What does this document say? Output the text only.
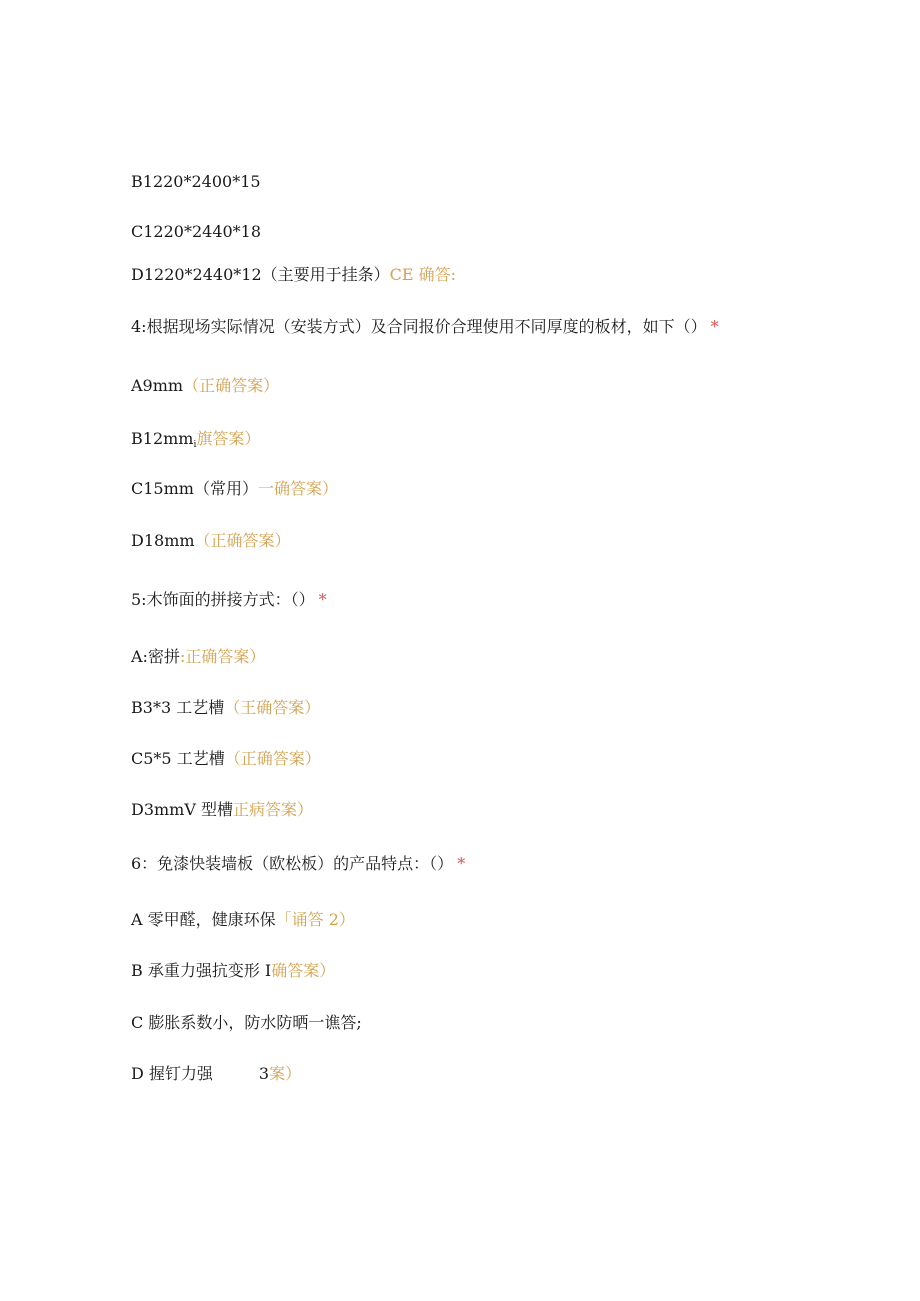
B1220*2400*15
C1220*2440*18
D1220*2440*12（主要用于挂条）CE 确答:
4:根据现场实际情况（安装方式）及合同报价合理使用不同厚度的板材，如下（） *
A9mm（正确答案）
$B12mm_i$旗答案）
C15mm（常用）一确答案）
D18mm（正确答案）
5:木饰面的拼接方式：（） *
A:密拼:正确答案）
B3*3 工艺槽（王确答案）
C5*5 工艺槽（正确答案）
D3mmV 型槽正病答案）
6：免漆快装墙板（欧松板）的产品特点：（） *
A 零甲醛，健康环保「诵答 2）
B 承重力强抗变形 I确答案）
C 膨胀系数小，防水防晒一谯答;
D 握钉力强	3案）
